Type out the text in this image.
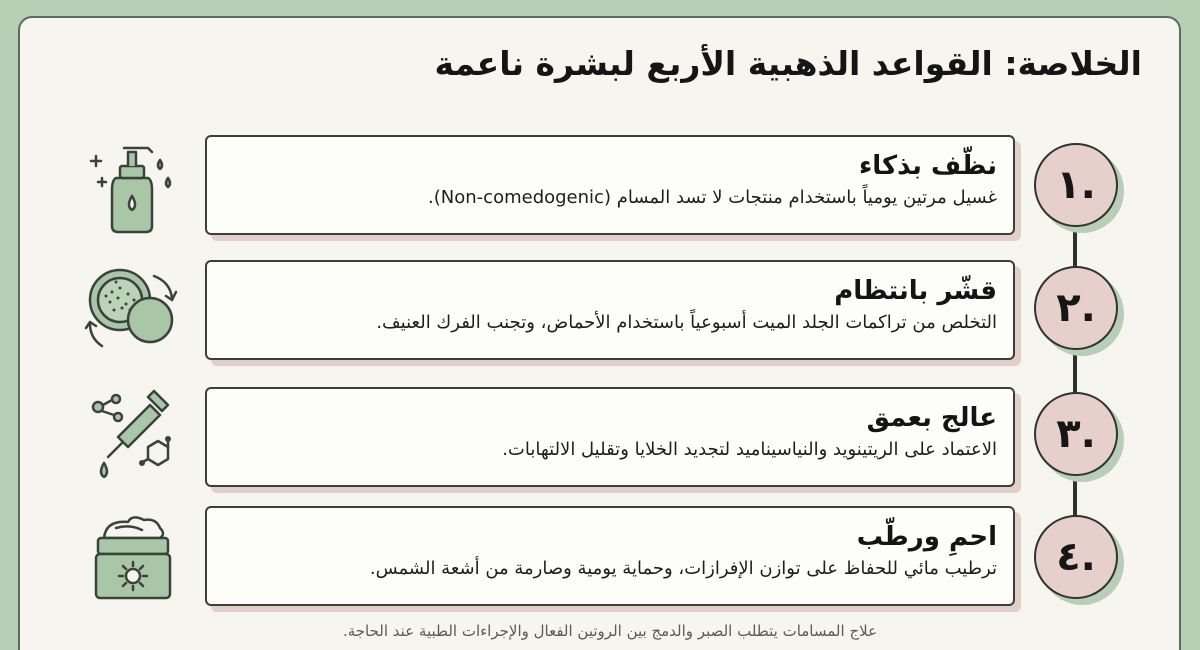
الخلاصة: القواعد الذهبية الأربع لبشرة ناعمة
نظّف بذكاء

غسيل مرتين يومياً باستخدام منتجات لا تسد المسام (Non-comedogenic).	١.
قشّر بانتظام

التخلص من تراكمات الجلد الميت أسبوعياً باستخدام الأحماض، وتجنب الفرك العنيف.	٢.
عالج بعمق

الاعتماد على الريتينويد والنياسيناميد لتجديد الخلايا وتقليل الالتهابات.	٣.
احمِ ورطّب

ترطيب مائي للحفاظ على توازن الإفرازات، وحماية يومية وصارمة من أشعة الشمس.	٤.
علاج المسامات يتطلب الصبر والدمج بين الروتين الفعال والإجراءات الطبية عند الحاجة.
